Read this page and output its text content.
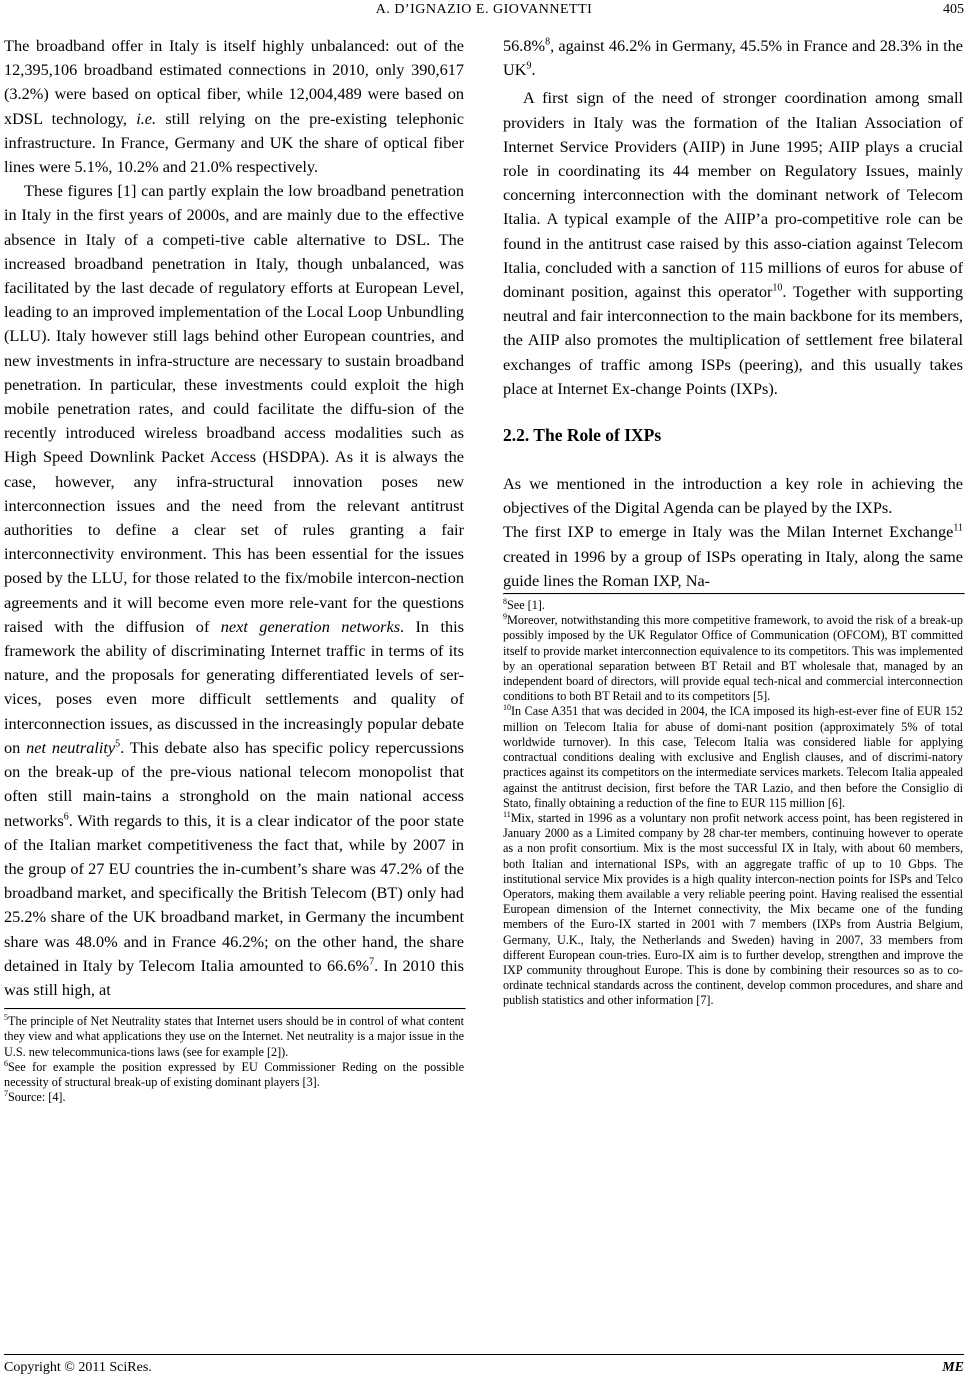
A. D’IGNAZIO E. GIOVANNETTI	405

The broadband offer in Italy is itself highly unbalanced: out of the 12,395,106 broadband estimated connections in 2010, only 390,617 (3.2%) were based on optical fiber, while 12,004,489 were based on xDSL technology, i.e. still relying on the pre-existing telephonic infrastructure. In France, Germany and UK the share of optical fiber lines were 5.1%, 10.2% and 21.0% respectively.

These figures [1] can partly explain the low broadband penetration in Italy in the first years of 2000s, and are mainly due to the effective absence in Italy of a competi-tive cable alternative to DSL. The increased broadband penetration in Italy, though unbalanced, was facilitated by the last decade of regulatory efforts at European Level, leading to an improved implementation of the Local Loop Unbundling (LLU). Italy however still lags behind other European countries, and new investments in infra-structure are necessary to sustain broadband penetration. In particular, these investments could exploit the high mobile penetration rates, and could facilitate the diffu-sion of the recently introduced wireless broadband access modalities such as High Speed Downlink Packet Access (HSDPA). As it is always the case, however, any infra-structural innovation poses new interconnection issues and the need from the relevant antitrust authorities to define a clear set of rules granting a fair interconnectivity environment. This has been essential for the issues posed by the LLU, for those related to the fix/mobile intercon-nection agreements and it will become even more rele-vant for the questions raised with the diffusion of next generation networks. In this framework the ability of discriminating Internet traffic in terms of its nature, and the proposals for generating differentiated levels of ser-vices, poses even more difficult settlements and quality of interconnection issues, as discussed in the increasingly popular debate on net neutrality$^5$. This debate also has specific policy repercussions on the break-up of the pre-vious national telecom monopolist that often still main-tains a stronghold on the main national access networks$^6$. With regards to this, it is a clear indicator of the poor state of the Italian market competitiveness the fact that, while by 2007 in the group of 27 EU countries the in-cumbent’s share was 47.2% of the broadband market, and specifically the British Telecom (BT) only had 25.2% share of the UK broadband market, in Germany the incumbent share was 48.0% and in France 46.2%; on the other hand, the share detained in Italy by Telecom Italia amounted to 66.6%$^7$. In 2010 this was still high, at

$^5$The principle of Net Neutrality states that Internet users should be in control of what content they view and what applications they use on the Internet. Net neutrality is a major issue in the U.S. new telecommunica-tions laws (see for example [2]).

$^6$See for example the position expressed by EU Commissioner Reding on the possible necessity of structural break-up of existing dominant players [3].

$^7$Source: [4].

56.8%$^8$, against 46.2% in Germany, 45.5% in France and 28.3% in the $UK^9$.

A first sign of the need of stronger coordination among small providers in Italy was the formation of the Italian Association of Internet Service Providers (AIIP) in June 1995; AIIP plays a crucial role in coordinating its 44 member on Regulatory Issues, mainly concerning interconnection with the dominant network of Telecom Italia. A typical example of the AIIP’a pro-competitive role can be found in the antitrust case raised by this asso-ciation against Telecom Italia, concluded with a sanction of 115 millions of euros for abuse of dominant position, against this operator$^{10}$. Together with supporting neutral and fair interconnection to the main backbone for its members, the AIIP also promotes the multiplication of settlement free bilateral exchanges of traffic among ISPs (peering), and this usually takes place at Internet Ex-change Points (IXPs).

2.2. The Role of IXPs

As we mentioned in the introduction a key role in achieving the objectives of the Digital Agenda can be played by the IXPs.

The first IXP to emerge in Italy was the Milan Internet Exchange$^{11}$ created in 1996 by a group of ISPs operating in Italy, along the same guide lines the Roman IXP, Na-

$^8$See [1].

$^9$Moreover, notwithstanding this more competitive framework, to avoid the risk of a break-up possibly imposed by the UK Regulator Office of Communication (OFCOM), BT committed itself to provide market interconnection equivalence to its competitors. This was implemented by an operational separation between BT Retail and BT wholesale that, managed by an independent board of directors, will provide equal tech-nical and commercial interconnection conditions to both BT Retail and to its competitors [5].

$^{10}$In Case A351 that was decided in 2004, the ICA imposed its high-est-ever fine of EUR 152 million on Telecom Italia for abuse of domi-nant position (approximately 5% of total worldwide turnover). In this case, Telecom Italia was considered liable for applying contractual conditions dealing with exclusive and English clauses, and of discrimi-natory practices against its competitors on the intermediate services markets. Telecom Italia appealed against the antitrust decision, first before the TAR Lazio, and then before the Consiglio di Stato, finally obtaining a reduction of the fine to EUR 115 million [6].

$^{11}$Mix, started in 1996 as a voluntary non profit network access point, has been registered in January 2000 as a Limited company by 28 char-ter members, continuing however to operate as a non profit consortium. Mix is the most successful IX in Italy, with about 60 members, both Italian and international ISPs, with an aggregate traffic of up to 10 Gbps. The institutional service Mix provides is a high quality intercon-nection points for ISPs and Telco Operators, making them available a very reliable peering point. Having realised the essential European dimension of the Internet connectivity, the Mix became one of the funding members of the Euro-IX started in 2001 with 7 members (IXPs from Austria Belgium, Germany, U.K., Italy, the Netherlands and Sweden) having in 2007, 33 members from different European coun-tries. Euro-IX aim is to further develop, strengthen and improve the IXP community throughout Europe. This is done by combining their resources so as to co-ordinate technical standards across the continent, develop common procedures, and share and publish statistics and other information [7].

Copyright © 2011 SciRes.	ME
